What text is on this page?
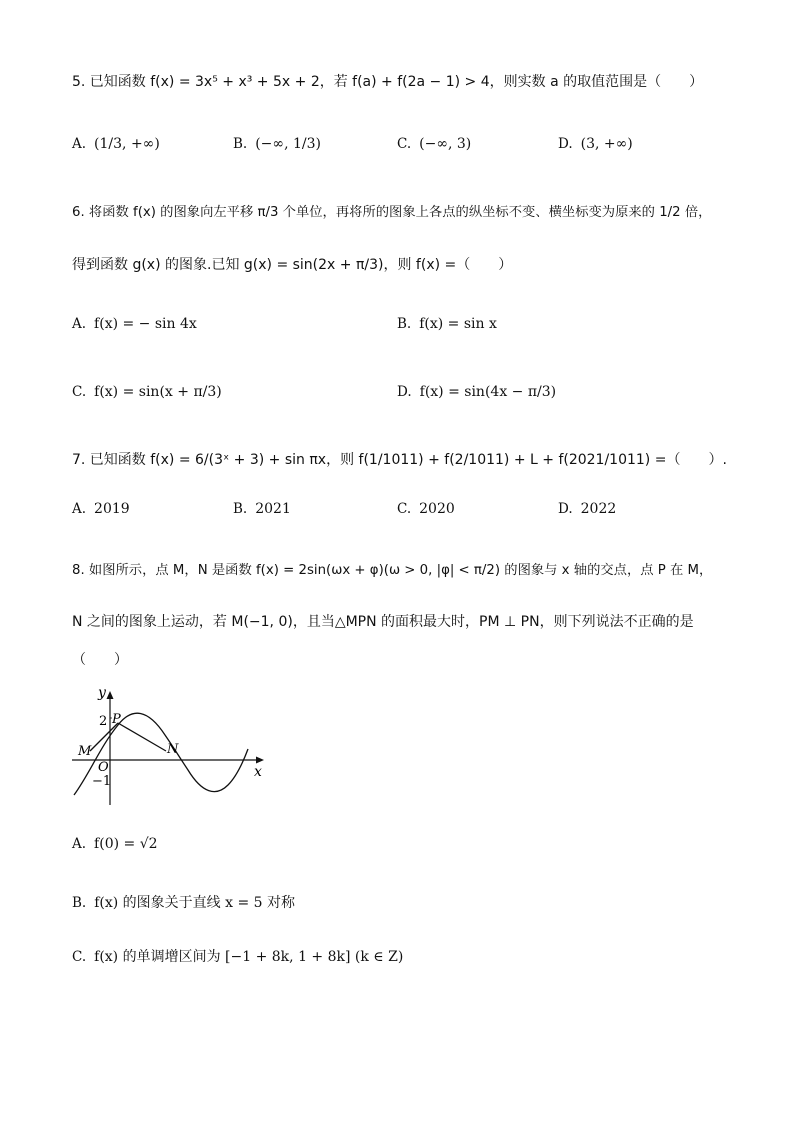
5. 已知函数 f(x) = 3x⁵ + x³ + 5x + 2，若 f(a) + f(2a − 1) > 4，则实数 a 的取值范围是（　　）
A. (1/3, +∞)	B. (−∞, 1/3)	C. (−∞, 3)	D. (3, +∞)
6. 将函数 f(x) 的图象向左平移 π/3 个单位，再将所的图象上各点的纵坐标不变、横坐标变为原来的 1/2 倍，
得到函数 g(x) 的图象.已知 g(x) = sin(2x + π/3)，则 f(x) =（　　）
A. f(x) = − sin 4x	B. f(x) = sin x
C. f(x) = sin(x + π/3)	D. f(x) = sin(4x − π/3)
7. 已知函数 f(x) = 6/(3ˣ + 3) + sin πx，则 f(1/1011) + f(2/1011) + L + f(2021/1011) =（　　）.
A. 2019	B. 2021	C. 2020	D. 2022
8. 如图所示，点 M，N 是函数 f(x) = 2sin(ωx + φ)(ω > 0, |φ| < π/2) 的图象与 x 轴的交点，点 P 在 M，
N 之间的图象上运动，若 M(−1, 0)，且当△MPN 的面积最大时，PM ⊥ PN，则下列说法不正确的是
（　　）
y
x
2 P
M	N
O
−1
A. f(0) = √2
B. f(x) 的图象关于直线 x = 5 对称
C. f(x) 的单调增区间为 [−1 + 8k, 1 + 8k] (k ∈ Z)
